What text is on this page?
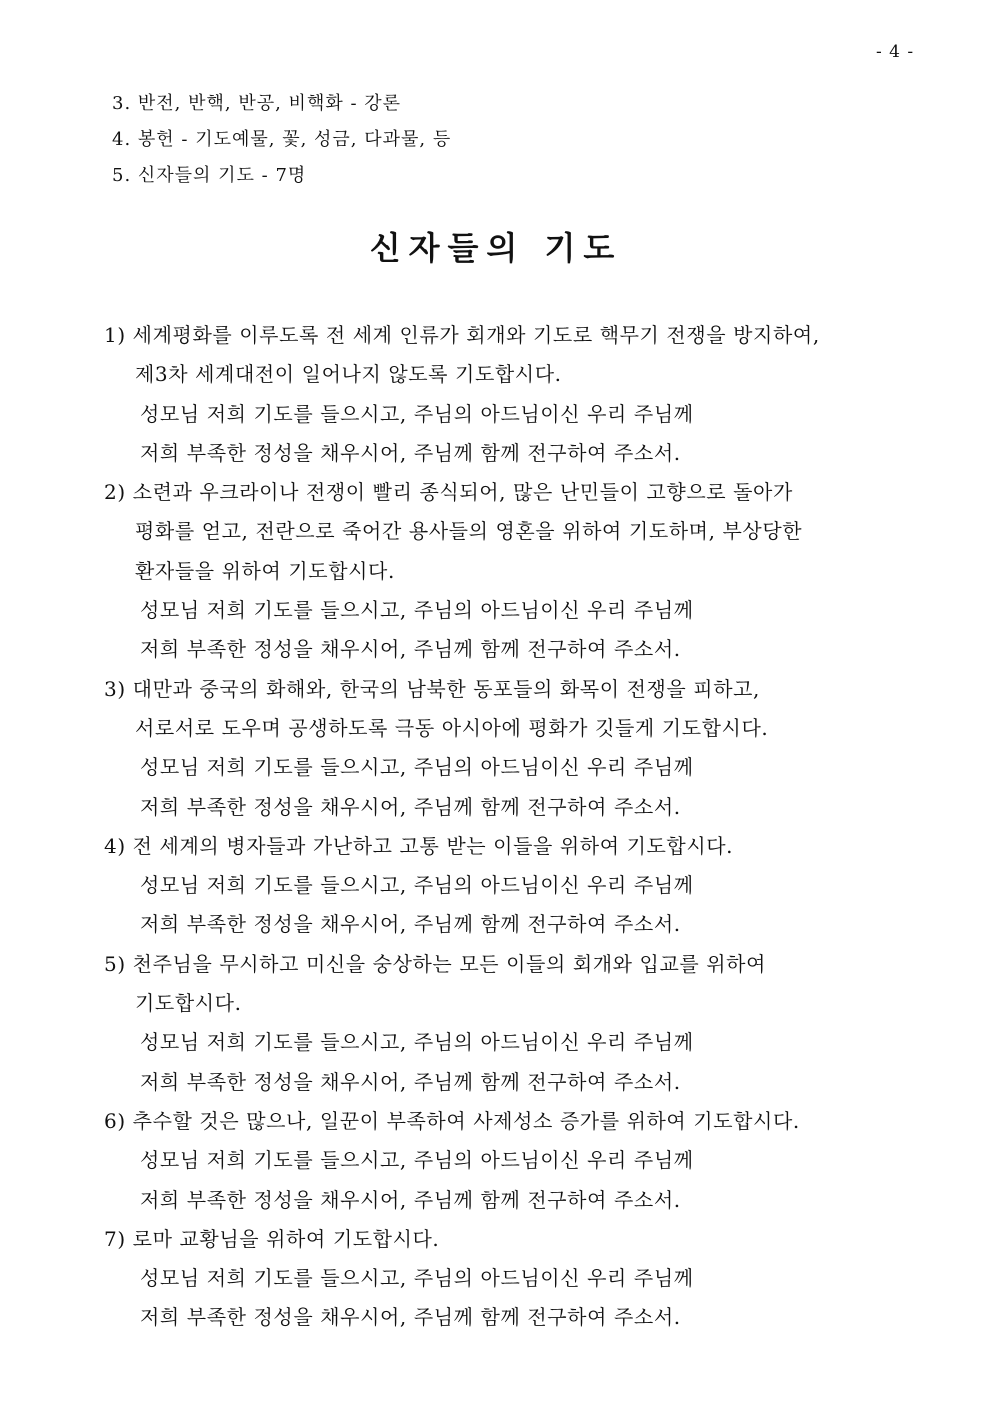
- 4 -
3. 반전, 반핵, 반공, 비핵화 - 강론
4. 봉헌 - 기도예물, 꽃, 성금, 다과물, 등
5. 신자들의 기도 - 7명
신자들의 기도
1) 세계평화를 이루도록 전 세계 인류가 회개와 기도로 핵무기 전쟁을 방지하여,
제3차 세계대전이 일어나지 않도록 기도합시다.
성모님 저희 기도를 들으시고, 주님의 아드님이신 우리 주님께
저희 부족한 정성을 채우시어, 주님께 함께 전구하여 주소서.
2) 소련과 우크라이나 전쟁이 빨리 종식되어, 많은 난민들이 고향으로 돌아가
평화를 얻고, 전란으로 죽어간 용사들의 영혼을 위하여 기도하며, 부상당한
환자들을 위하여 기도합시다.
성모님 저희 기도를 들으시고, 주님의 아드님이신 우리 주님께
저희 부족한 정성을 채우시어, 주님께 함께 전구하여 주소서.
3) 대만과 중국의 화해와, 한국의 남북한 동포들의 화목이 전쟁을 피하고,
서로서로 도우며 공생하도록 극동 아시아에 평화가 깃들게 기도합시다.
성모님 저희 기도를 들으시고, 주님의 아드님이신 우리 주님께
저희 부족한 정성을 채우시어, 주님께 함께 전구하여 주소서.
4) 전 세계의 병자들과 가난하고 고통 받는 이들을 위하여 기도합시다.
성모님 저희 기도를 들으시고, 주님의 아드님이신 우리 주님께
저희 부족한 정성을 채우시어, 주님께 함께 전구하여 주소서.
5) 천주님을 무시하고 미신을 숭상하는 모든 이들의 회개와 입교를 위하여
기도합시다.
성모님 저희 기도를 들으시고, 주님의 아드님이신 우리 주님께
저희 부족한 정성을 채우시어, 주님께 함께 전구하여 주소서.
6) 추수할 것은 많으나, 일꾼이 부족하여 사제성소 증가를 위하여 기도합시다.
성모님 저희 기도를 들으시고, 주님의 아드님이신 우리 주님께
저희 부족한 정성을 채우시어, 주님께 함께 전구하여 주소서.
7) 로마 교황님을 위하여 기도합시다.
성모님 저희 기도를 들으시고, 주님의 아드님이신 우리 주님께
저희 부족한 정성을 채우시어, 주님께 함께 전구하여 주소서.
